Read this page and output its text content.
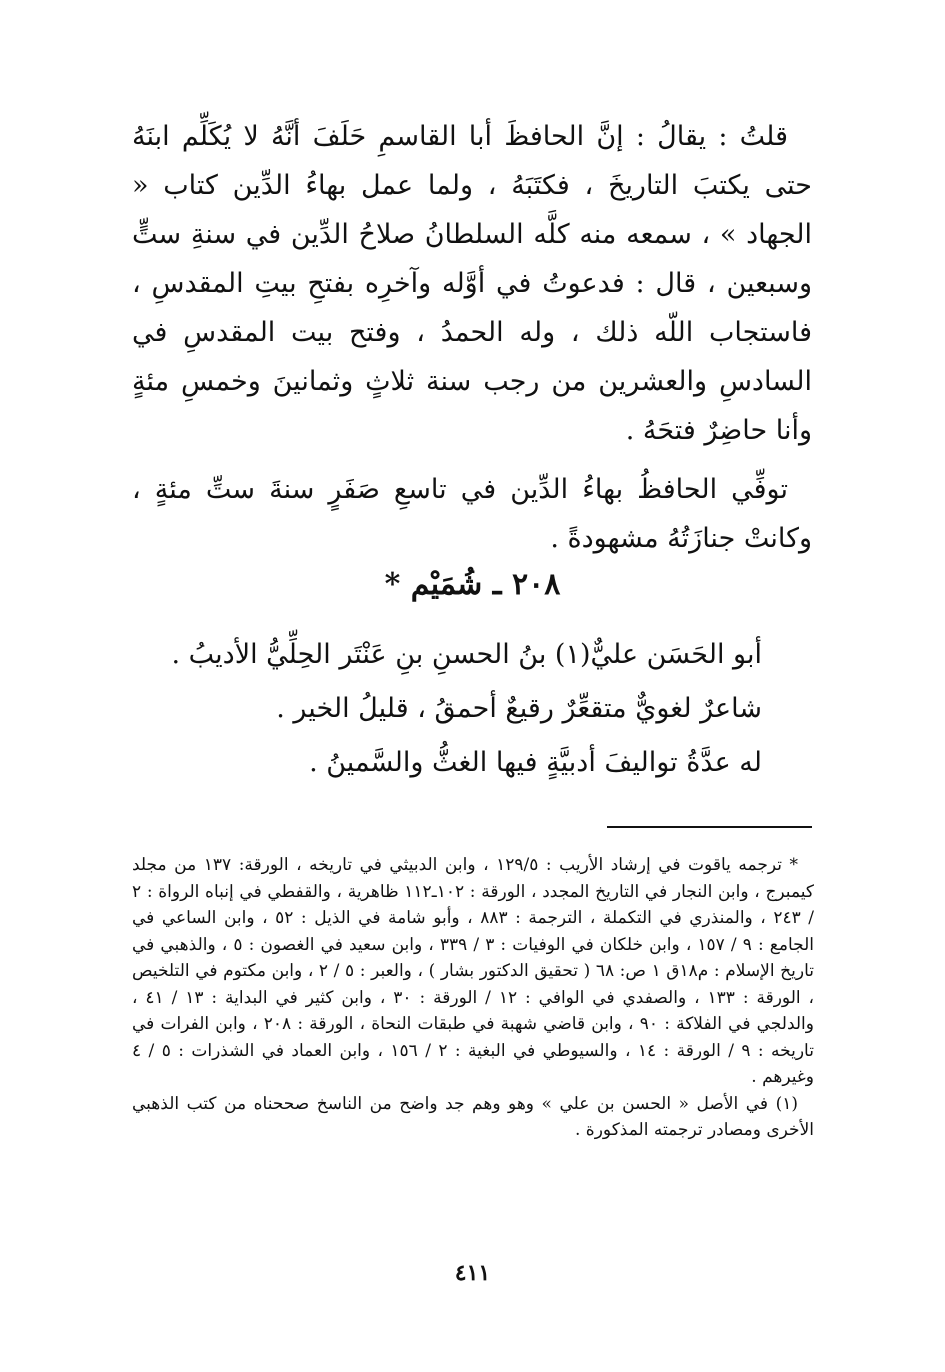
قلتُ : يقالُ : إنَّ الحافظَ أبا القاسمِ حَلَفَ أنَّهُ لا يُكَلِّم ابنَهُ حتى يكتبَ التاريخَ ، فكتَبَهُ ، ولما عمل بهاءُ الدِّين كتاب « الجهاد » ، سمعه منه كلَّه السلطانُ صلاحُ الدِّين في سنةِ ستٍّ وسبعين ، قال : فدعوتُ في أوَّله وآخرِه بفتحِ بيتِ المقدسِ ، فاستجاب اللّه ذلك ، وله الحمدُ ، وفتح بيت المقدسِ في السادسِ والعشرين من رجب سنة ثلاثٍ وثمانينَ وخمسِ مئةٍ وأنا حاضِرٌ فتحَهُ .

توفِّي الحافظُ بهاءُ الدِّين في تاسعِ صَفَرٍ سنةَ ستِّ مئةٍ ، وكانتْ جنازَتُهُ مشهودةً .

٢٠٨ ـ شُمَيْم *
أبو الحَسَن عليٌّ(١) بنُ الحسنِ بنِ عَنْتَر الحِلِّيُّ الأديبُ .
شاعرٌ لغويٌّ متقعِّرٌ رقيعٌ أحمقُ ، قليلُ الخير .
له عدَّةُ تواليفَ أدبيَّةٍ فيها الغثُّ والسَّمينُ .

* ترجمه ياقوت في إرشاد الأريب : ١٢٩/٥ ، وابن الدبيثي في تاريخه ، الورقة: ١٣٧ من مجلد كيمبرج ، وابن النجار في التاريخ المجدد ، الورقة : ١٠٢ـ١١٢ ظاهرية ، والقفطي في إنباه الرواة : ٢ / ٢٤٣ ، والمنذري في التكملة ، الترجمة : ٨٨٣ ، وأبو شامة في الذيل : ٥٢ ، وابن الساعي في الجامع : ٩ / ١٥٧ ، وابن خلكان في الوفيات : ٣ / ٣٣٩ ، وابن سعيد في الغصون : ٥ ، والذهبي في تاريخ الإسلام : م١٨ق ١ ص: ٦٨ ( تحقيق الدكتور بشار ) ، والعبر : ٥ / ٢ ، وابن مكتوم في التلخيص ، الورقة : ١٣٣ ، والصفدي في الوافي : ١٢ / الورقة : ٣٠ ، وابن كثير في البداية : ١٣ / ٤١ ، والدلجي في الفلاكة : ٩٠ ، وابن قاضي شهبة في طبقات النحاة ، الورقة : ٢٠٨ ، وابن الفرات في تاريخه : ٩ / الورقة : ١٤ ، والسيوطي في البغية : ٢ / ١٥٦ ، وابن العماد في الشذرات : ٥ / ٤ وغيرهم .

(١) في الأصل « الحسن بن علي » وهو وهم جد واضح من الناسخ صححناه من كتب الذهبي الأخرى ومصادر ترجمته المذكورة .

٤١١
